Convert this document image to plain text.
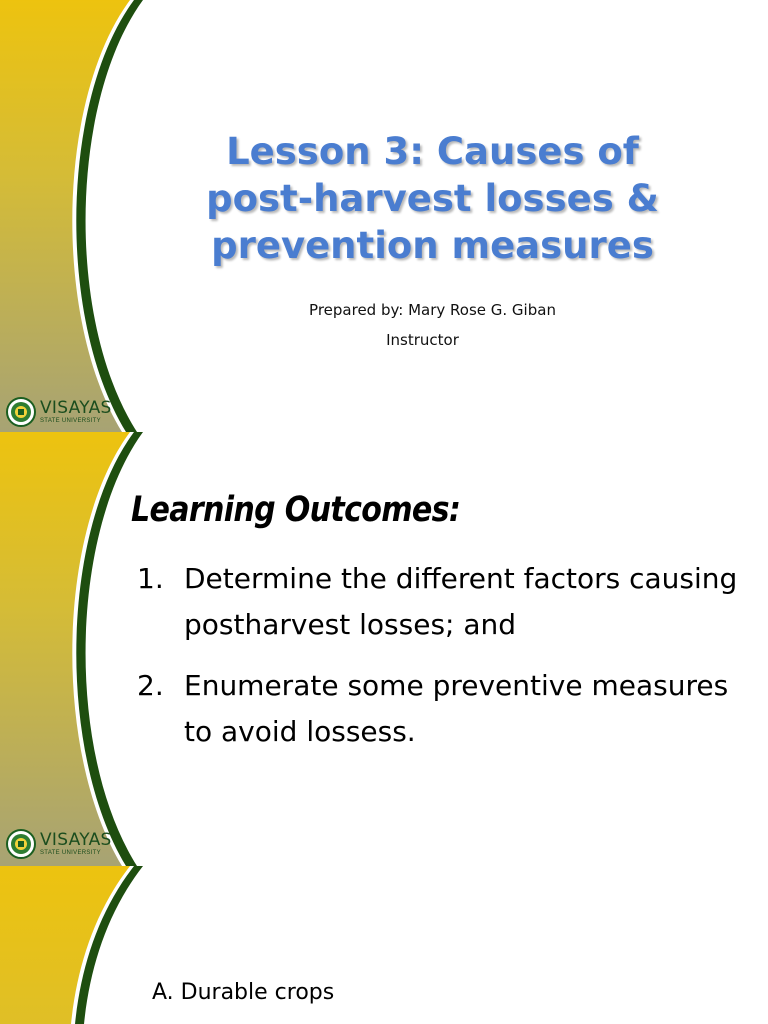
VISAYAS
STATE UNIVERSITY
Lesson 3: Causes of
post-harvest losses &
prevention measures
Prepared by: Mary Rose G. Giban
Instructor
VISAYAS
STATE UNIVERSITY
Learning Outcomes:
1. Determine the different factors causing postharvest losses; and
2. Enumerate some preventive measures to avoid lossess.
A. Durable crops
